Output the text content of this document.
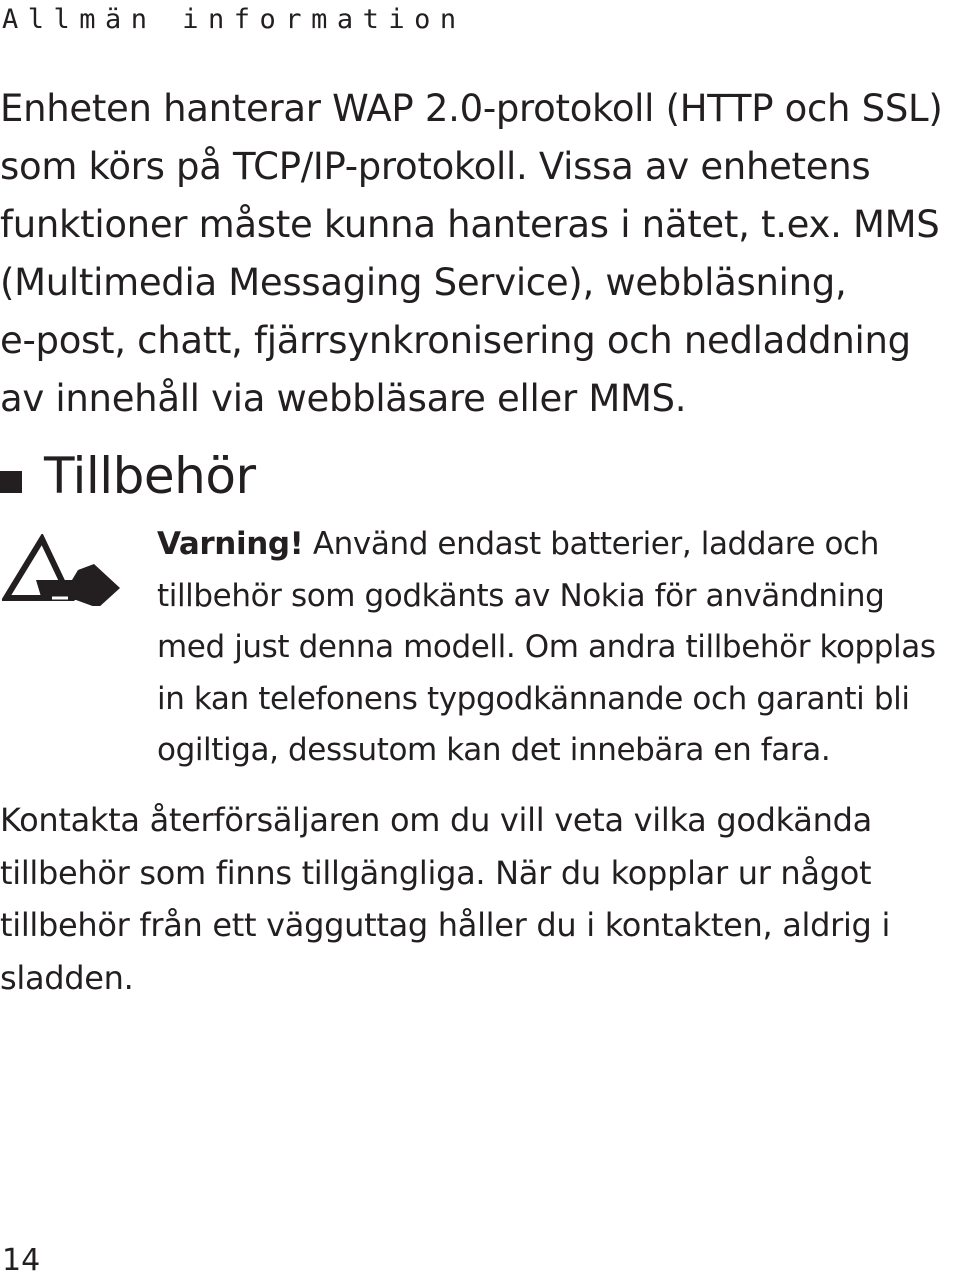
Allmän information

Enheten hanterar WAP 2.0-protokoll (HTTP och SSL)
som körs på TCP/IP-protokoll. Vissa av enhetens
funktioner måste kunna hanteras i nätet, t.ex. MMS
(Multimedia Messaging Service), webbläsning,
e-post, chatt, fjärrsynkronisering och nedladdning
av innehåll via webbläsare eller MMS.

Tillbehör

Varning! Använd endast batterier, laddare och
tillbehör som godkänts av Nokia för användning
med just denna modell. Om andra tillbehör kopplas
in kan telefonens typgodkännande och garanti bli
ogiltiga, dessutom kan det innebära en fara.

Kontakta återförsäljaren om du vill veta vilka godkända
tillbehör som finns tillgängliga. När du kopplar ur något
tillbehör från ett vägguttag håller du i kontakten, aldrig i
sladden.

14
